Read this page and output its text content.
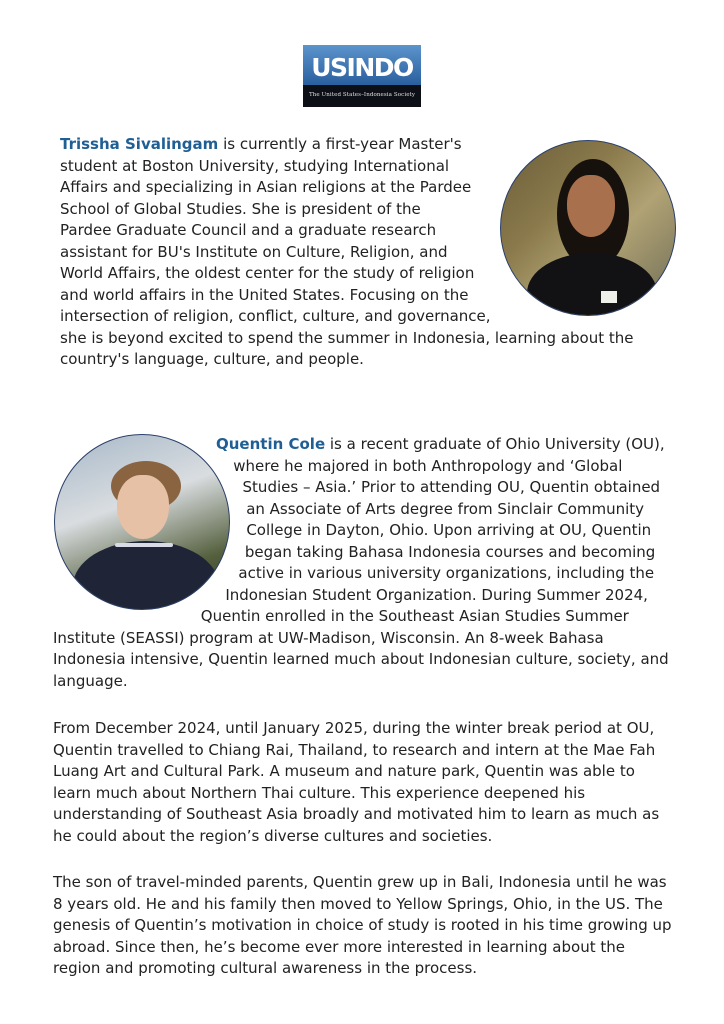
USINDO
The United States–Indonesia Society

Trissha Sivalingam is currently a first-year Master's student at Boston University, studying International Affairs and specializing in Asian religions at the Pardee School of Global Studies. She is president of the Pardee Graduate Council and a graduate research assistant for BU's Institute on Culture, Religion, and World Affairs, the oldest center for the study of religion and world affairs in the United States. Focusing on the intersection of religion, conflict, culture, and governance, she is beyond excited to spend the summer in Indonesia, learning about the country's language, culture, and people.

Quentin Cole is a recent graduate of Ohio University (OU), where he majored in both Anthropology and ‘Global Studies – Asia.’ Prior to attending OU, Quentin obtained an Associate of Arts degree from Sinclair Community College in Dayton, Ohio. Upon arriving at OU, Quentin began taking Bahasa Indonesia courses and becoming active in various university organizations, including the Indonesian Student Organization. During Summer 2024, Quentin enrolled in the Southeast Asian Studies Summer Institute (SEASSI) program at UW-Madison, Wisconsin. An 8-week Bahasa Indonesia intensive, Quentin learned much about Indonesian culture, society, and language.

From December 2024, until January 2025, during the winter break period at OU, Quentin travelled to Chiang Rai, Thailand, to research and intern at the Mae Fah Luang Art and Cultural Park. A museum and nature park, Quentin was able to learn much about Northern Thai culture. This experience deepened his understanding of Southeast Asia broadly and motivated him to learn as much as he could about the region’s diverse cultures and societies.

The son of travel-minded parents, Quentin grew up in Bali, Indonesia until he was 8 years old. He and his family then moved to Yellow Springs, Ohio, in the US. The genesis of Quentin’s motivation in choice of study is rooted in his time growing up abroad. Since then, he’s become ever more interested in learning about the region and promoting cultural awareness in the process.
